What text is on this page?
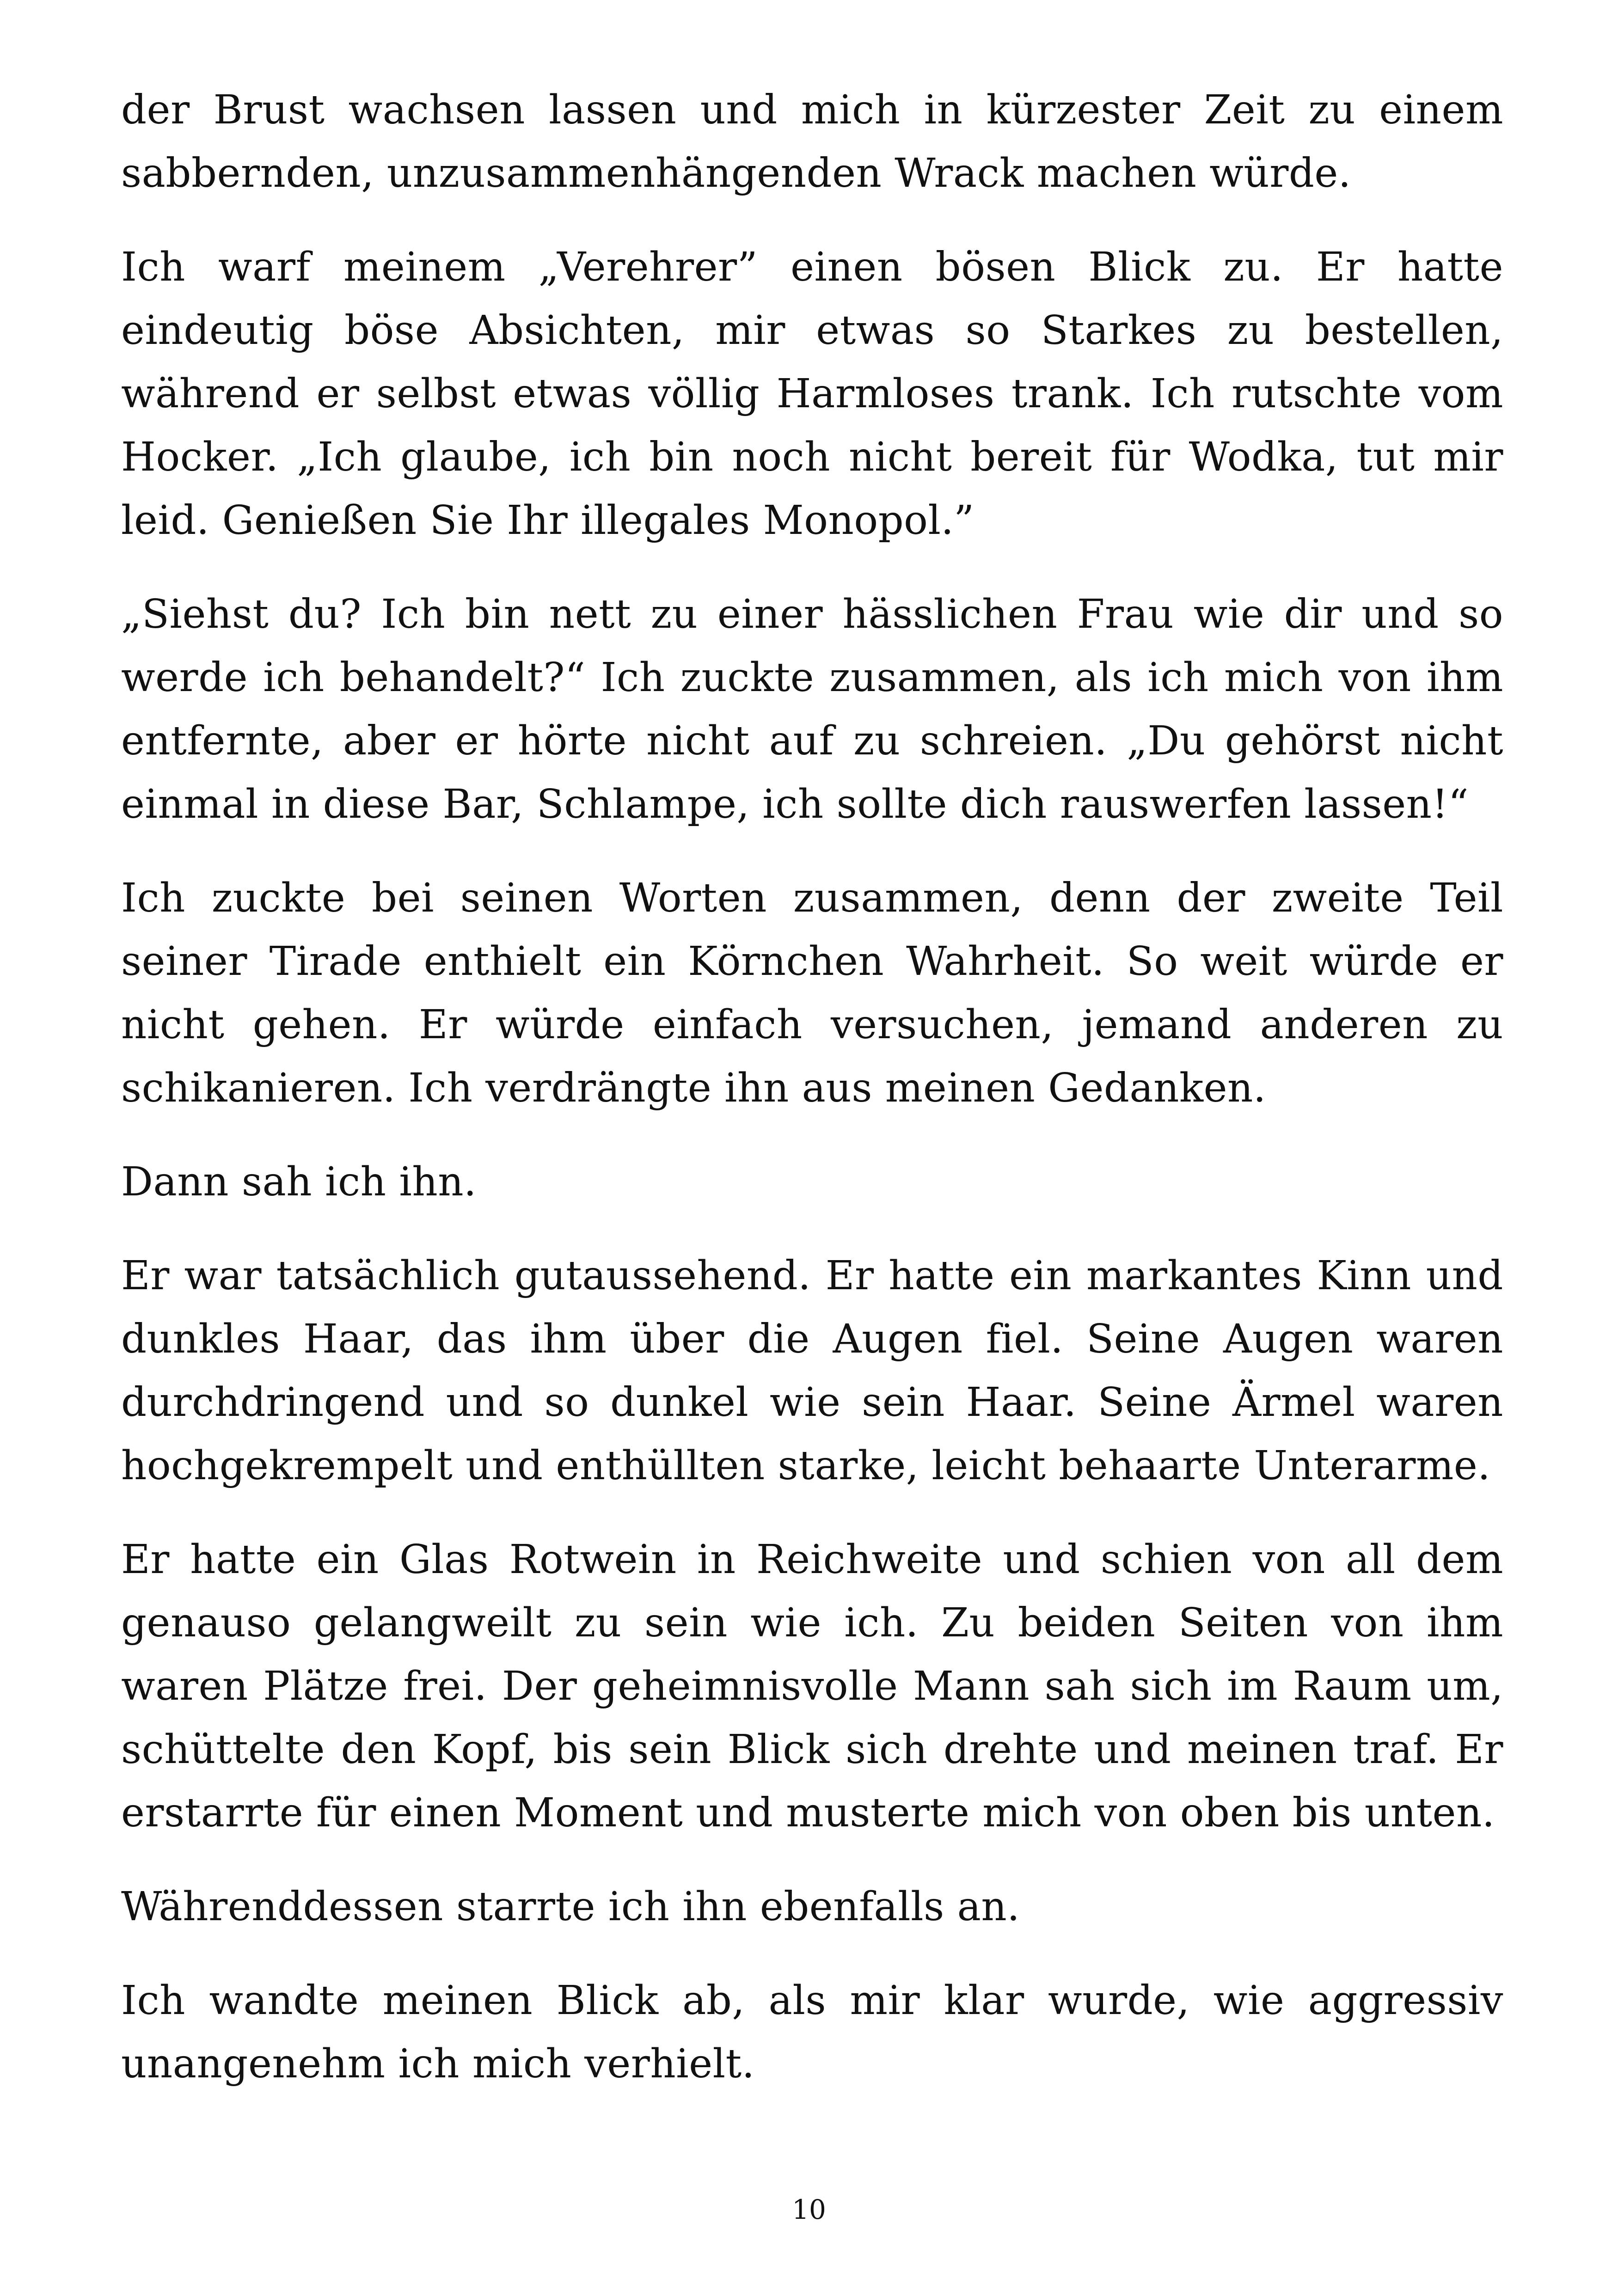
der Brust wachsen lassen und mich in kürzester Zeit zu einem sabbernden, unzusammenhängenden Wrack machen würde.

Ich warf meinem „Verehrer” einen bösen Blick zu. Er hatte eindeutig böse Absichten, mir etwas so Starkes zu bestellen, während er selbst etwas völlig Harmloses trank. Ich rutschte vom Hocker. „Ich glaube, ich bin noch nicht bereit für Wodka, tut mir leid. Genießen Sie Ihr illegales Monopol.”

„Siehst du? Ich bin nett zu einer hässlichen Frau wie dir und so werde ich behandelt?“ Ich zuckte zusammen, als ich mich von ihm entfernte, aber er hörte nicht auf zu schreien. „Du gehörst nicht einmal in diese Bar, Schlampe, ich sollte dich rauswerfen lassen!“

Ich zuckte bei seinen Worten zusammen, denn der zweite Teil seiner Tirade enthielt ein Körnchen Wahrheit. So weit würde er nicht gehen. Er würde einfach versuchen, jemand anderen zu schikanieren. Ich verdrängte ihn aus meinen Gedanken.

Dann sah ich ihn.

Er war tatsächlich gutaussehend. Er hatte ein markantes Kinn und dunkles Haar, das ihm über die Augen fiel. Seine Augen waren durchdringend und so dunkel wie sein Haar. Seine Ärmel waren hochgekrempelt und enthüllten starke, leicht behaarte Unterarme.

Er hatte ein Glas Rotwein in Reichweite und schien von all dem genauso gelangweilt zu sein wie ich. Zu beiden Seiten von ihm waren Plätze frei. Der geheimnisvolle Mann sah sich im Raum um, schüttelte den Kopf, bis sein Blick sich drehte und meinen traf. Er erstarrte für einen Moment und musterte mich von oben bis unten.

Währenddessen starrte ich ihn ebenfalls an.

Ich wandte meinen Blick ab, als mir klar wurde, wie aggressiv unangenehm ich mich verhielt.

10
